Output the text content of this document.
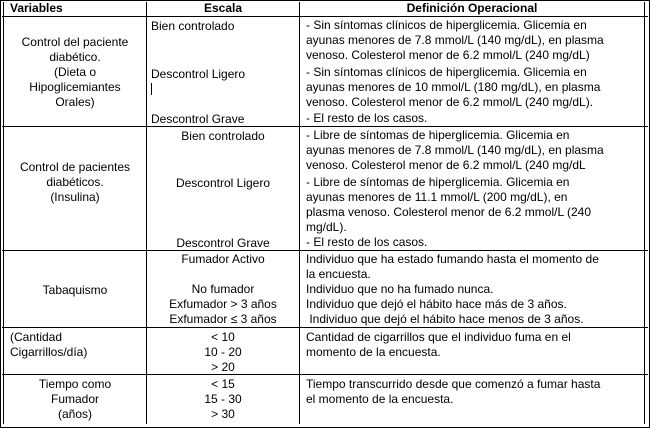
Variables	Escala	Definición Operacional
Control del paciente
diabético.
(Dieta o
Hipoglicemiantes
Orales)
Bien controlado
Descontrol Ligero
Descontrol Grave
- Sin síntomas clínicos de hiperglicemia. Glicemia en
ayunas menores de 7.8 mmol/L (140 mg/dL), en plasma
venoso. Colesterol menor de 6.2 mmol/L (240 mg/dL)
- Sin síntomas clínicos de hiperglicemia. Glicemia en
ayunas menores de 10 mmol/L (180 mg/dL), en plasma
venoso. Colesterol menor de 6.2 mmol/L (240 mg/dL).
- El resto de los casos.
Control de pacientes
diabéticos.
(Insulina)
Bien controlado
Descontrol Ligero
Descontrol Grave
- Libre de síntomas de hiperglicemia. Glicemia en
ayunas menores de 7.8 mmol/L (140 mg/dL), en plasma
venoso. Colesterol menor de 6.2 mmol/L (240 mg/dL
- Libre de síntomas de hiperglicemia. Glicemia en
ayunas menores de 11.1 mmol/L (200 mg/dL), en
plasma venoso. Colesterol menor de 6.2 mmol/L (240
mg/dL).
- El resto de los casos.
Tabaquismo
Fumador Activo
No fumador
Exfumador > 3 años
Exfumador ≤ 3 años
Individuo que ha estado fumando hasta el momento de
la encuesta.
Individuo que no ha fumado nunca.
Individuo que dejó el hábito hace más de 3 años.
Individuo que dejó el hábito hace menos de 3 años.
(Cantidad
Cigarrillos/día)
< 10
10 - 20
> 20
Cantidad de cigarrillos que el individuo fuma en el
momento de la encuesta.
Tiempo como
Fumador
(años)
< 15
15 - 30
> 30
Tiempo transcurrido desde que comenzó a fumar hasta
el momento de la encuesta.
